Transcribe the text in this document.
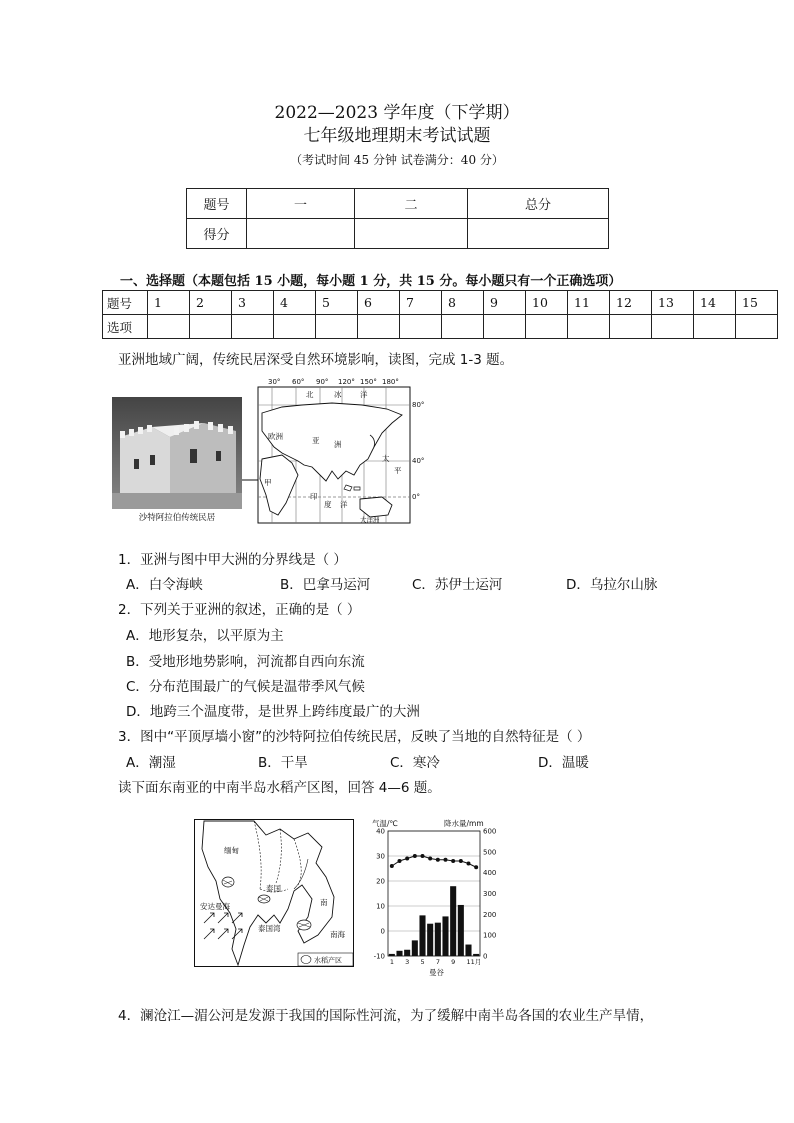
2022—2023 学年度（下学期）
七年级地理期末考试试题
（考试时间 45 分钟 试卷满分：40 分）
题号	一	二	总分
得分			
一、选择题（本题包括 15 小题，每小题 1 分，共 15 分。每小题只有一个正确选项）
题号	1	2	3	4	5	6	7	8	9	10	11	12	13	14	15
选项															
亚洲地域广阔，传统民居深受自然环境影响，读图，完成 1-3 题。
沙特阿拉伯传统民居
30° 60° 90° 120° 150° 180°
80°
40°
0°
北	冰 洋
欧洲	亚 洲
太
平
甲
印
度 洋
大洋洲
1．亚洲与图中甲大洲的分界线是（ ）
A．白令海峡	B．巴拿马运河	C．苏伊士运河	D．乌拉尔山脉
2．下列关于亚洲的叙述，正确的是（ ）
A．地形复杂，以平原为主
B．受地形地势影响，河流都自西向东流
C．分布范围最广的气候是温带季风气候
D．地跨三个温度带，是世界上跨纬度最广的大洲
3．图中“平顶厚墙小窗”的沙特阿拉伯传统民居，反映了当地的自然特征是（ ）
A．潮湿	B．干旱	C．寒冷	D．温暖
读下面东南亚的中南半岛水稻产区图，回答 4—6 题。
缅甸
泰国
安达曼海
泰国湾
南
南海
水稻产区
气温/℃	降水量/mm
-10
0
10
20
30
40
0
100
200
300
400
500
600
1 3 5 7 9 11月
曼谷
4．澜沧江—湄公河是发源于我国的国际性河流，为了缓解中南半岛各国的农业生产旱情，
